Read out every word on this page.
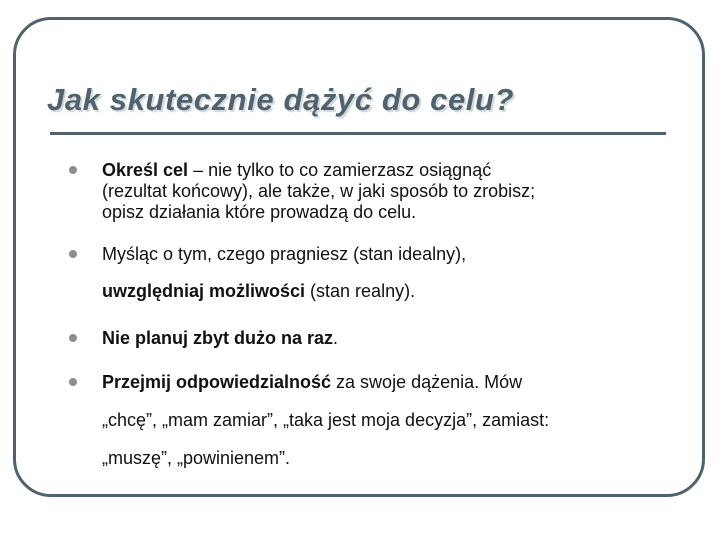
Jak skutecznie dążyć do celu?
Określ cel – nie tylko to co zamierzasz osiągnąć
(rezultat końcowy), ale także, w jaki sposób to zrobisz;
opisz działania które prowadzą do celu.
Myśląc o tym, czego pragniesz (stan idealny),
uwzględniaj możliwości (stan realny).
Nie planuj zbyt dużo na raz.
Przejmij odpowiedzialność za swoje dążenia. Mów
„chcę”, „mam zamiar”, „taka jest moja decyzja”, zamiast:
„muszę”, „powinienem”.
